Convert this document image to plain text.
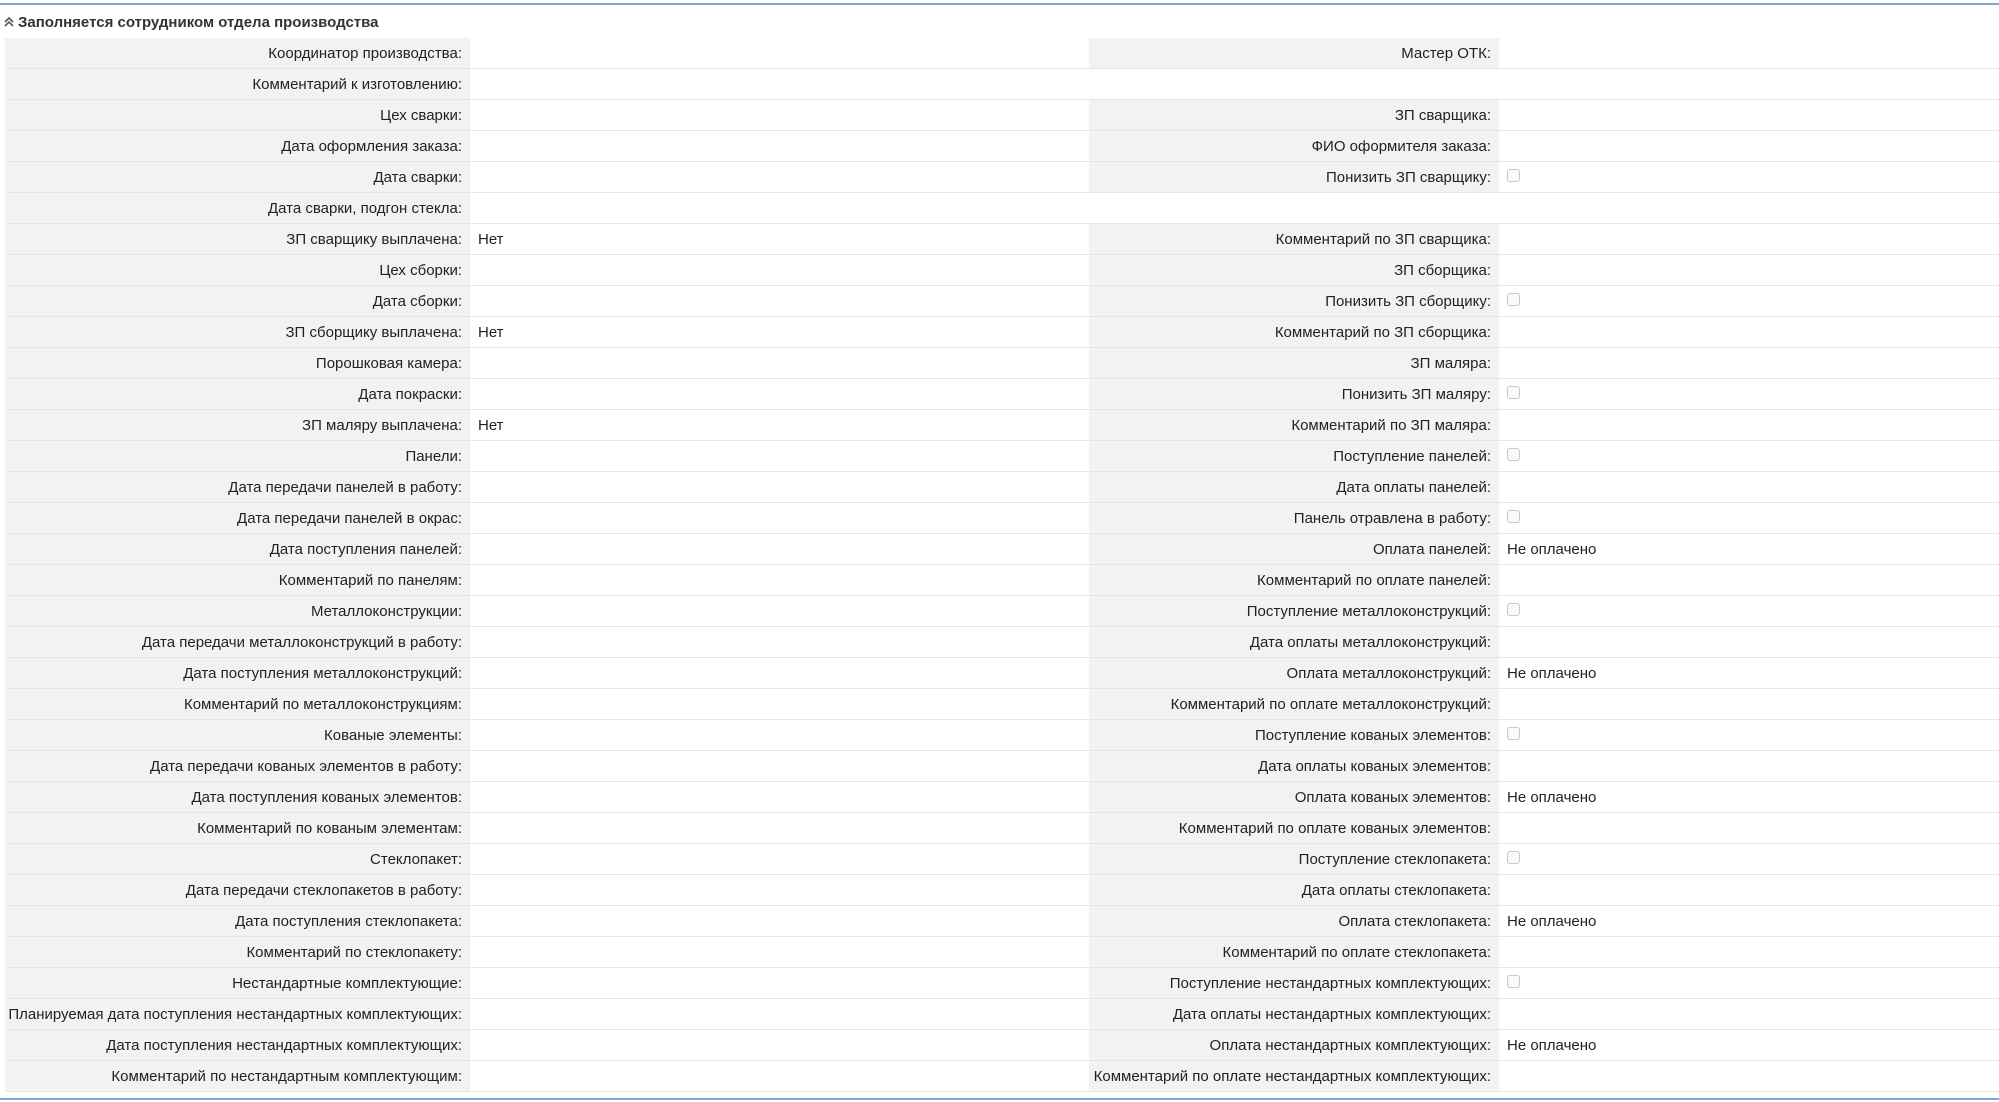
Заполняется сотрудником отдела производства
Координатор производства:	Мастер ОТК:
Комментарий к изготовлению:
Цех сварки:	ЗП сварщика:
Дата оформления заказа:	ФИО оформителя заказа:
Дата сварки:	Понизить ЗП сварщику:
Дата сварки, подгон стекла:
ЗП сварщику выплачена:	Нет	Комментарий по ЗП сварщика:
Цех сборки:	ЗП сборщика:
Дата сборки:	Понизить ЗП сборщику:
ЗП сборщику выплачена:	Нет	Комментарий по ЗП сборщика:
Порошковая камера:	ЗП маляра:
Дата покраски:	Понизить ЗП маляру:
ЗП маляру выплачена:	Нет	Комментарий по ЗП маляра:
Панели:	Поступление панелей:
Дата передачи панелей в работу:	Дата оплаты панелей:
Дата передачи панелей в окрас:	Панель отравлена в работу:
Дата поступления панелей:	Оплата панелей:	Не оплачено
Комментарий по панелям:	Комментарий по оплате панелей:
Металлоконструкции:	Поступление металлоконструкций:
Дата передачи металлоконструкций в работу:	Дата оплаты металлоконструкций:
Дата поступления металлоконструкций:	Оплата металлоконструкций:	Не оплачено
Комментарий по металлоконструкциям:	Комментарий по оплате металлоконструкций:
Кованые элементы:	Поступление кованых элементов:
Дата передачи кованых элементов в работу:	Дата оплаты кованых элементов:
Дата поступления кованых элементов:	Оплата кованых элементов:	Не оплачено
Комментарий по кованым элементам:	Комментарий по оплате кованых элементов:
Стеклопакет:	Поступление стеклопакета:
Дата передачи стеклопакетов в работу:	Дата оплаты стеклопакета:
Дата поступления стеклопакета:	Оплата стеклопакета:	Не оплачено
Комментарий по стеклопакету:	Комментарий по оплате стеклопакета:
Нестандартные комплектующие:	Поступление нестандартных комплектующих:
Планируемая дата поступления нестандартных комплектующих:	Дата оплаты нестандартных комплектующих:
Дата поступления нестандартных комплектующих:	Оплата нестандартных комплектующих:	Не оплачено
Комментарий по нестандартным комплектующим:	Комментарий по оплате нестандартных комплектующих:
